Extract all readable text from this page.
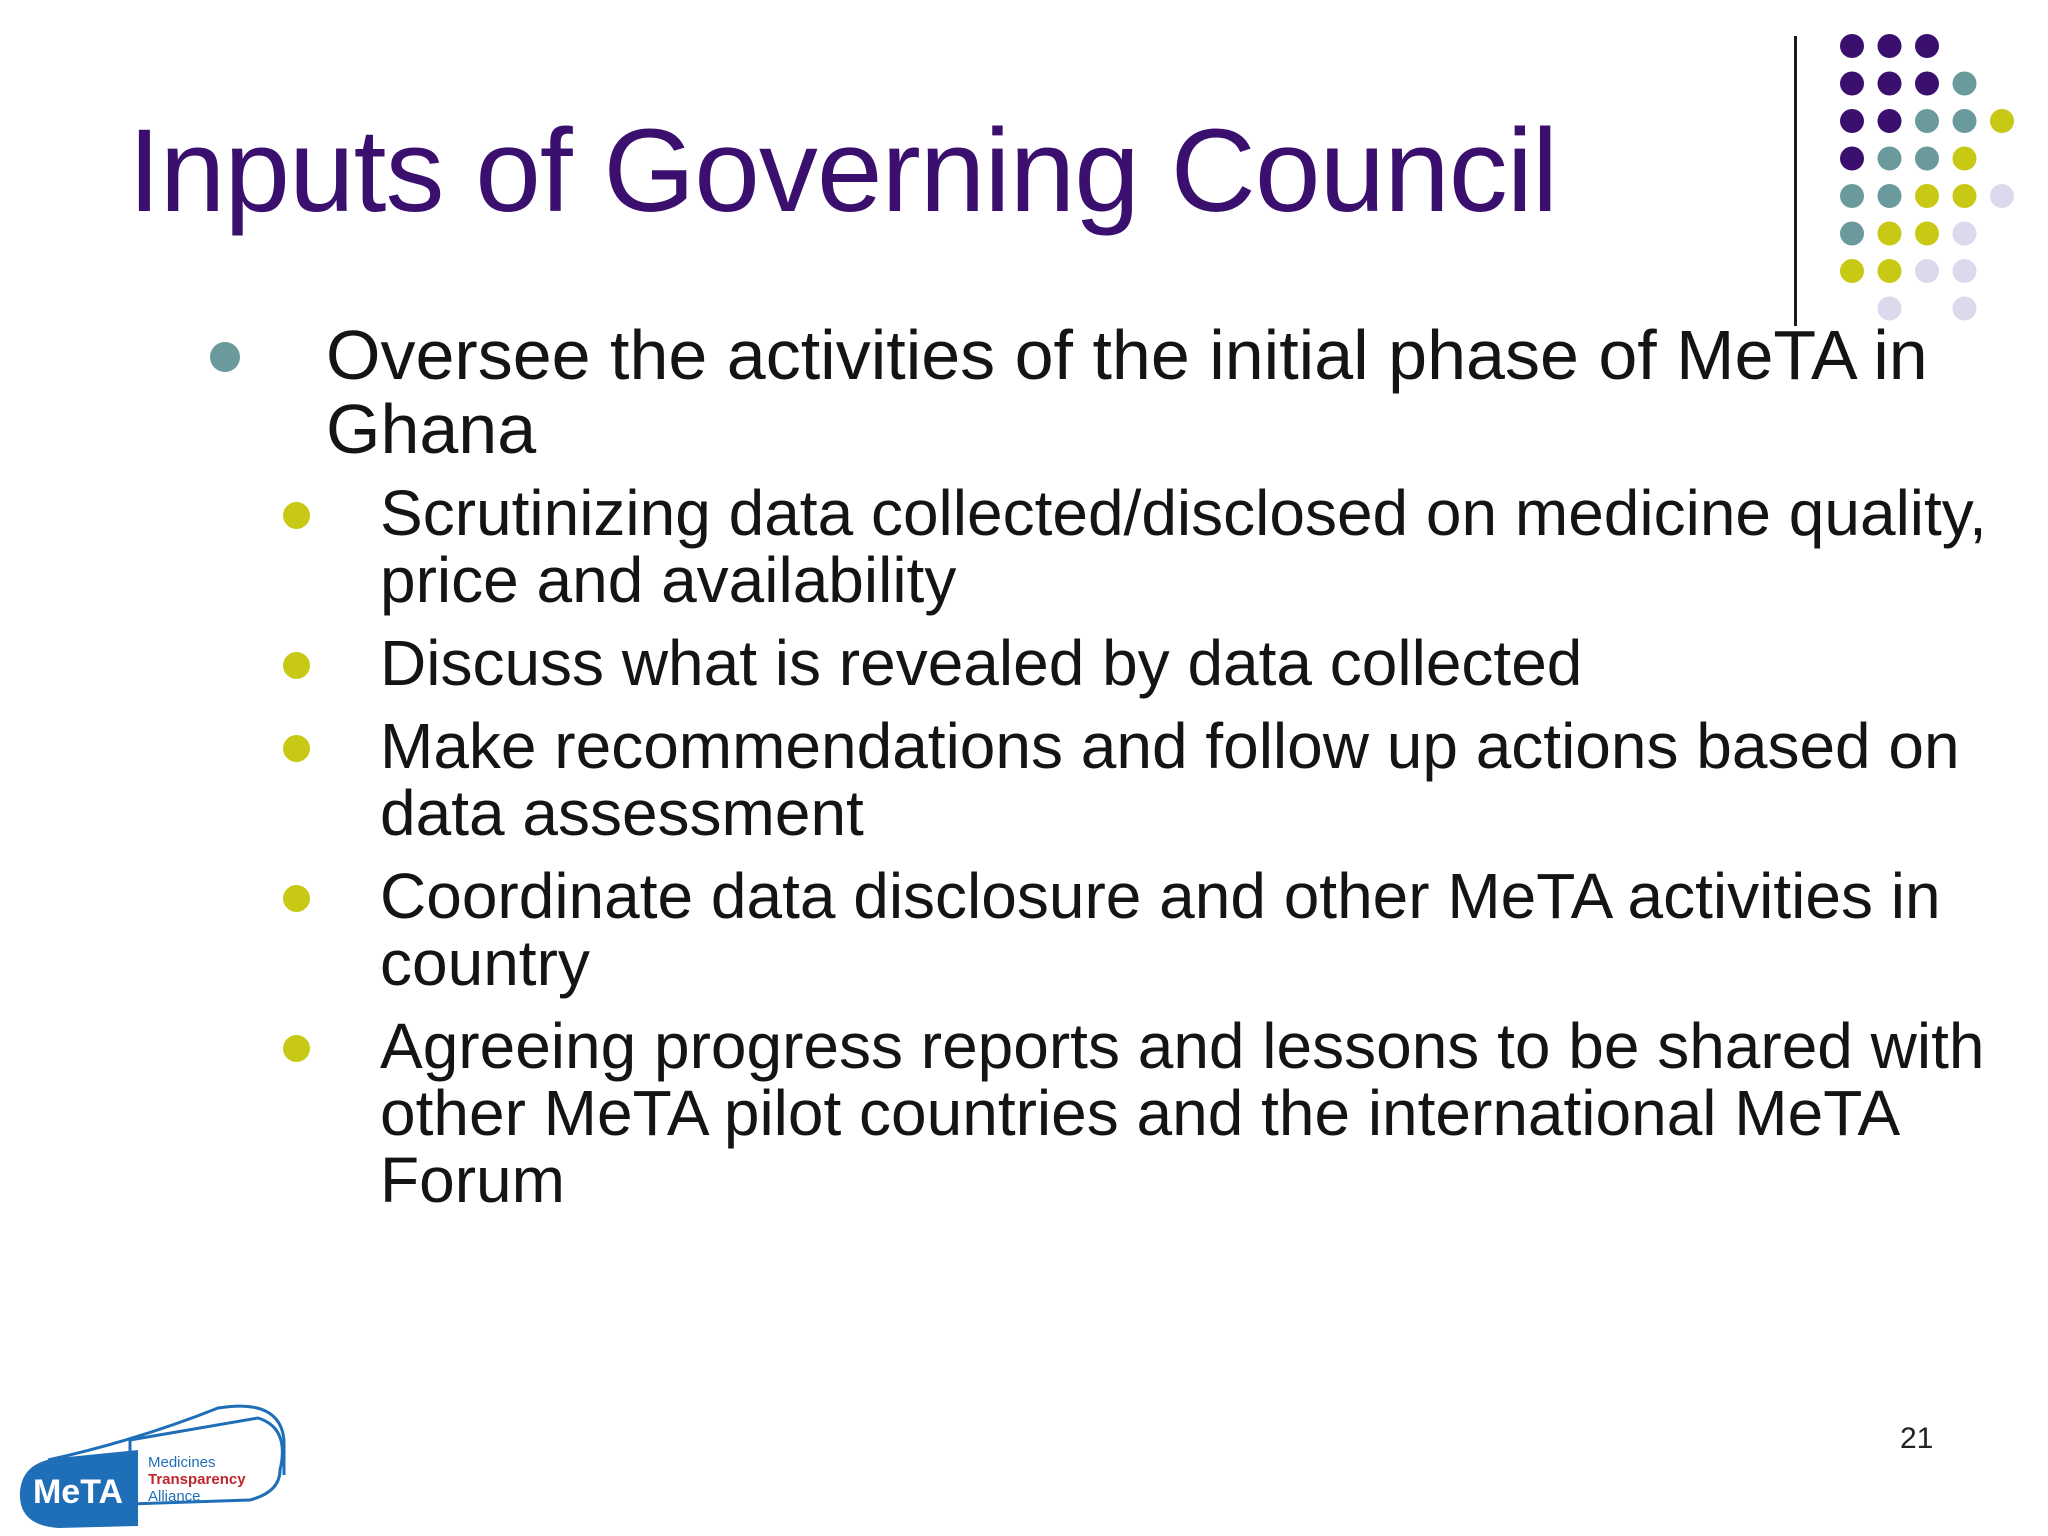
Inputs of Governing Council
Oversee the activities of the initial phase of MeTA in Ghana
Scrutinizing data collected/disclosed on medicine quality, price and availability
Discuss what is revealed by data collected
Make recommendations and follow up actions based on data assessment
Coordinate data disclosure and other MeTA activities in country
Agreeing progress reports and lessons to be shared with other MeTA pilot countries and the international MeTA Forum
21
MeTA
Medicines
Transparency
Alliance
